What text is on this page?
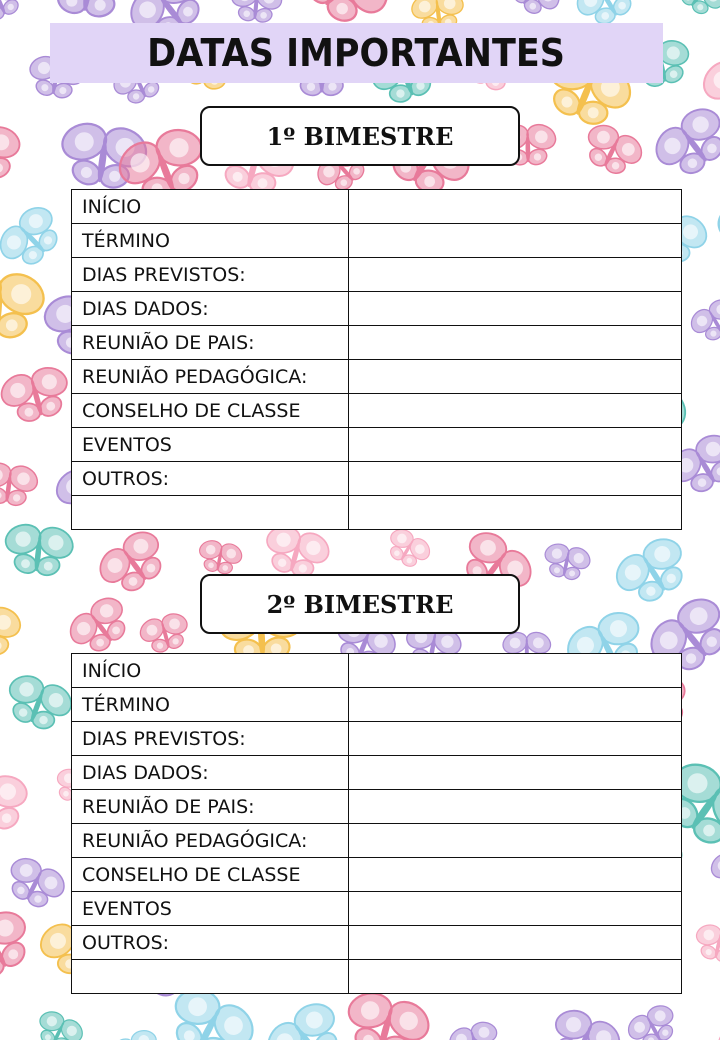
DATAS IMPORTANTES
1º BIMESTRE
INÍCIO	
TÉRMINO	
DIAS PREVISTOS:	
DIAS DADOS:	
REUNIÃO DE PAIS:	
REUNIÃO PEDAGÓGICA:	
CONSELHO DE CLASSE	
EVENTOS	
OUTROS:	

2º BIMESTRE
INÍCIO	
TÉRMINO	
DIAS PREVISTOS:	
DIAS DADOS:	
REUNIÃO DE PAIS:	
REUNIÃO PEDAGÓGICA:	
CONSELHO DE CLASSE	
EVENTOS	
OUTROS:	
